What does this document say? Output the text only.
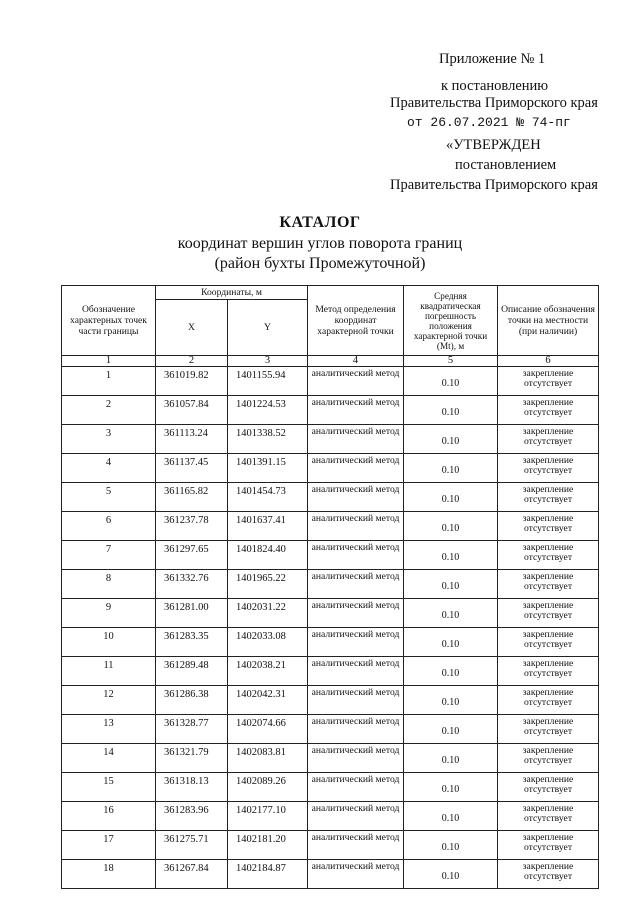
Приложение № 1
к постановлению
Правительства Приморского края
от 26.07.2021 № 74-пг
«УТВЕРЖДЕН
постановлением
Правительства Приморского края
КАТАЛОГ
координат вершин углов поворота границ
(район бухты Промежуточной)
Обозначение характерных точек части границы	Координаты, м		Метод определения координат характерной точки	Средняя квадратическая погрешность положения характерной точки (Mt), м	Описание обозначения точки на местности (при наличии)
	X	Y			
1	2	3	4	5	6
1	361019.82	1401155.94	аналитический метод	0.10	закрепление отсутствует
2	361057.84	1401224.53	аналитический метод	0.10	закрепление отсутствует
3	361113.24	1401338.52	аналитический метод	0.10	закрепление отсутствует
4	361137.45	1401391.15	аналитический метод	0.10	закрепление отсутствует
5	361165.82	1401454.73	аналитический метод	0.10	закрепление отсутствует
6	361237.78	1401637.41	аналитический метод	0.10	закрепление отсутствует
7	361297.65	1401824.40	аналитический метод	0.10	закрепление отсутствует
8	361332.76	1401965.22	аналитический метод	0.10	закрепление отсутствует
9	361281.00	1402031.22	аналитический метод	0.10	закрепление отсутствует
10	361283.35	1402033.08	аналитический метод	0.10	закрепление отсутствует
11	361289.48	1402038.21	аналитический метод	0.10	закрепление отсутствует
12	361286.38	1402042.31	аналитический метод	0.10	закрепление отсутствует
13	361328.77	1402074.66	аналитический метод	0.10	закрепление отсутствует
14	361321.79	1402083.81	аналитический метод	0.10	закрепление отсутствует
15	361318.13	1402089.26	аналитический метод	0.10	закрепление отсутствует
16	361283.96	1402177.10	аналитический метод	0.10	закрепление отсутствует
17	361275.71	1402181.20	аналитический метод	0.10	закрепление отсутствует
18	361267.84	1402184.87	аналитический метод	0.10	закрепление отсутствует
